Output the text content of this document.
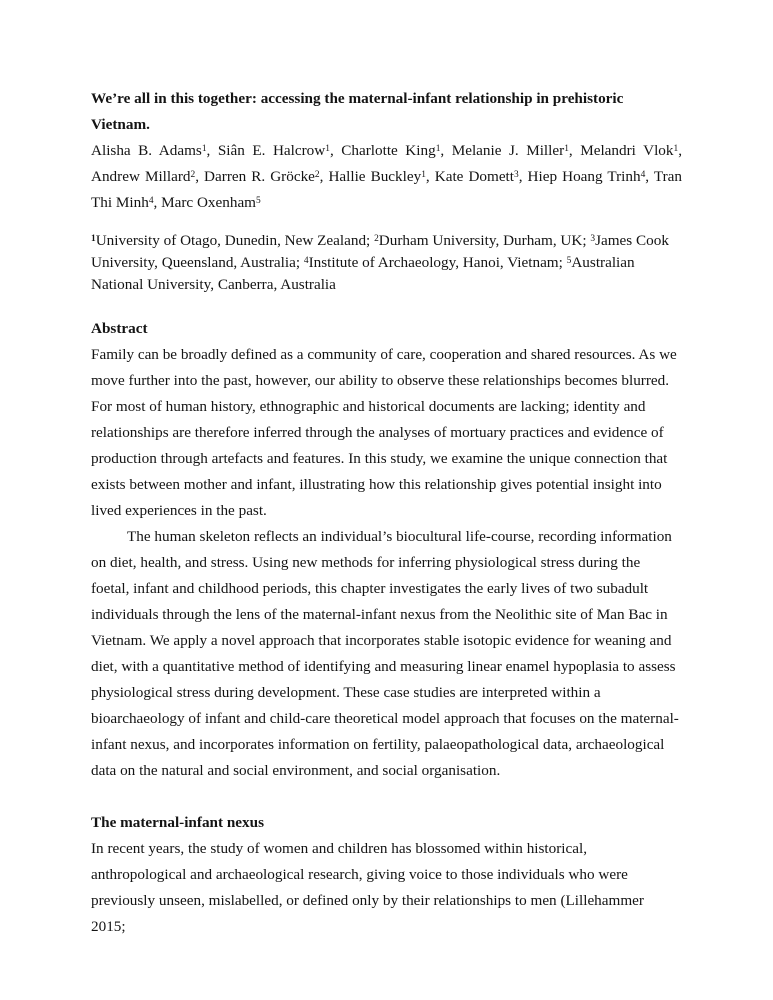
We’re all in this together: accessing the maternal-infant relationship in prehistoric Vietnam.

Alisha B. Adams$^1$, Siân E. Halcrow$^1$, Charlotte King$^1$, Melanie J. Miller$^1$, Melandri Vlok$^1$, Andrew Millard$^2$, Darren R. Gröcke$^2$, Hallie Buckley$^1$, Kate Domett$^3$, Hiep Hoang Trinh$^4$, Tran Thi Minh$^4$, Marc Oxenham$^5$

$^1$University of Otago, Dunedin, New Zealand; $^2$Durham University, Durham, UK; $^3$James Cook University, Queensland, Australia; $^4$Institute of Archaeology, Hanoi, Vietnam; $^5$Australian National University, Canberra, Australia

Abstract

Family can be broadly defined as a community of care, cooperation and shared resources. As we move further into the past, however, our ability to observe these relationships becomes blurred. For most of human history, ethnographic and historical documents are lacking; identity and relationships are therefore inferred through the analyses of mortuary practices and evidence of production through artefacts and features. In this study, we examine the unique connection that exists between mother and infant, illustrating how this relationship gives potential insight into lived experiences in the past.

The human skeleton reflects an individual’s biocultural life-course, recording information on diet, health, and stress. Using new methods for inferring physiological stress during the foetal, infant and childhood periods, this chapter investigates the early lives of two subadult individuals through the lens of the maternal-infant nexus from the Neolithic site of Man Bac in Vietnam. We apply a novel approach that incorporates stable isotopic evidence for weaning and diet, with a quantitative method of identifying and measuring linear enamel hypoplasia to assess physiological stress during development. These case studies are interpreted within a bioarchaeology of infant and child-care theoretical model approach that focuses on the maternal-infant nexus, and incorporates information on fertility, palaeopathological data, archaeological data on the natural and social environment, and social organisation.

The maternal-infant nexus

In recent years, the study of women and children has blossomed within historical, anthropological and archaeological research, giving voice to those individuals who were previously unseen, mislabelled, or defined only by their relationships to men (Lillehammer 2015;
